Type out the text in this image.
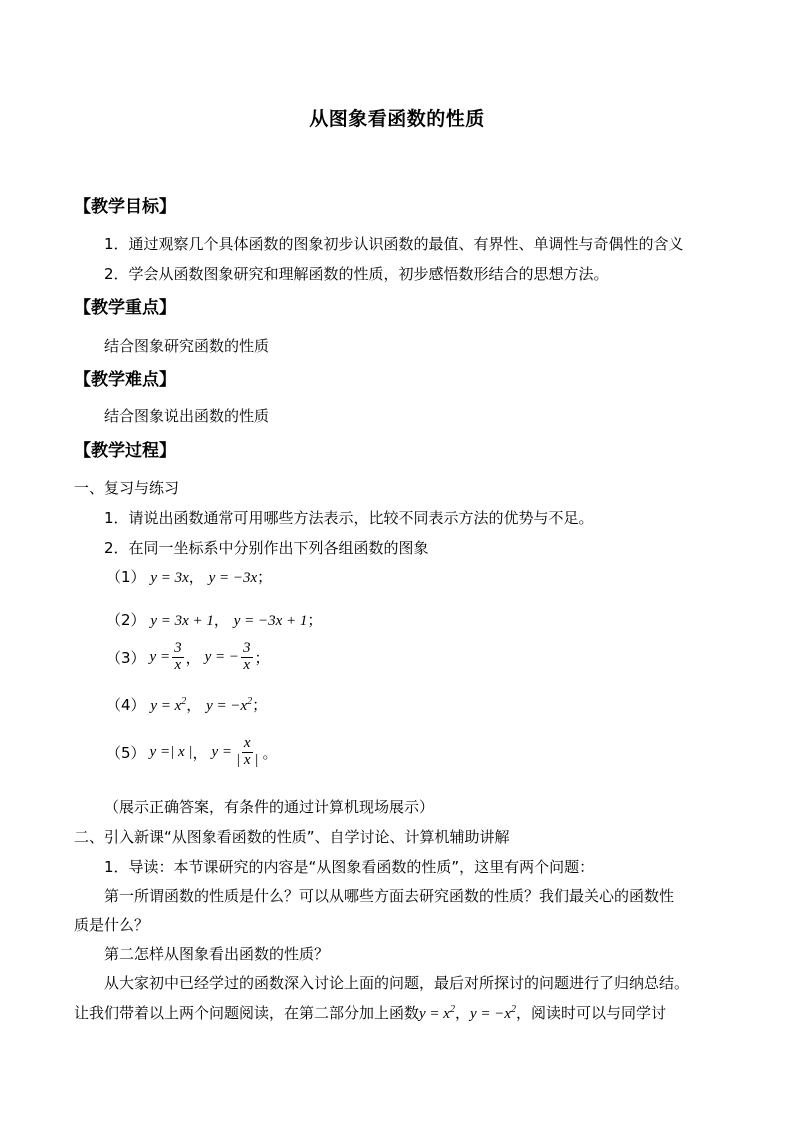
从图象看函数的性质
【教学目标】
1．通过观察几个具体函数的图象初步认识函数的最值、有界性、单调性与奇偶性的含义
2．学会从函数图象研究和理解函数的性质，初步感悟数形结合的思想方法。
【教学重点】
结合图象研究函数的性质
【教学难点】
结合图象说出函数的性质
【教学过程】
一、复习与练习
1．请说出函数通常可用哪些方法表示，比较不同表示方法的优势与不足。
2．在同一坐标系中分别作出下列各组函数的图象
（1） y = 3x， y = −3x；
（2） y = 3x + 1， y = −3x + 1；
（3） $y = \frac{3}{x}$ ， y = − $\frac{3}{x}$ ；
（4） $y = x^2$， $y = -x^2$；
（5） y =| x | ， $y = \frac{x}{| x |}$ 。
（展示正确答案，有条件的通过计算机现场展示）
二、引入新课“从图象看函数的性质”、自学讨论、计算机辅助讲解
1．导读：本节课研究的内容是“从图象看函数的性质”，这里有两个问题：
第一所谓函数的性质是什么？可以从哪些方面去研究函数的性质？我们最关心的函数性
质是什么？
第二怎样从图象看出函数的性质？
从大家初中已经学过的函数深入讨论上面的问题，最后对所探讨的问题进行了归纳总结。
让我们带着以上两个问题阅读，在第二部分加上函数$y = x^2$，$y = -x^2$，阅读时可以与同学讨
